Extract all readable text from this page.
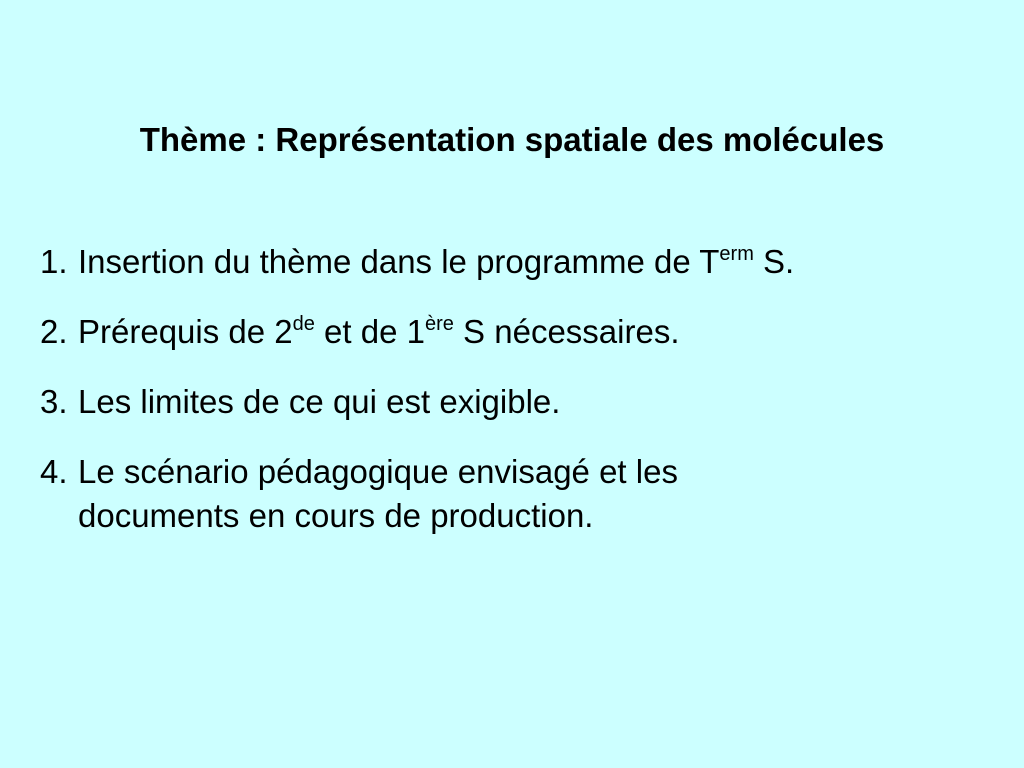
Thème : Représentation spatiale des molécules
1. Insertion du thème dans le programme de $T^{erm}$ S.
2. Prérequis de 2de et de 1ère S nécessaires.
3. Les limites de ce qui est exigible.
4. Le scénario pédagogique envisagé et les
documents en cours de production.
